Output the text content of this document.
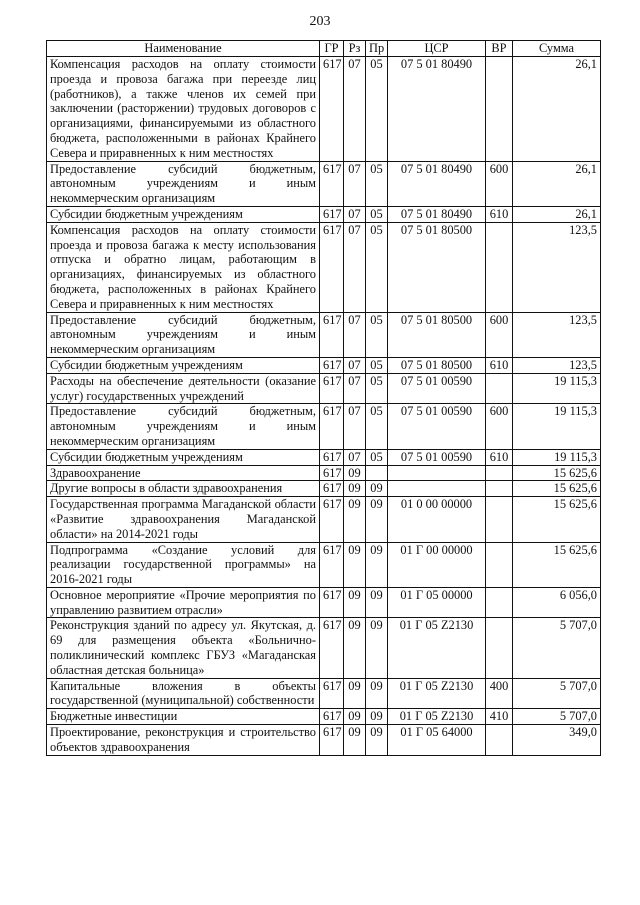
203
Наименование	ГР	Рз	Пр	ЦСР	ВР	Сумма
Компенсация расходов на оплату стоимости проезда и провоза багажа при переезде лиц (работников), а также членов их семей при заключении (расторжении) трудовых договоров с организациями, финансируемыми из областного бюджета, расположенными в районах Крайнего Севера и приравненных к ним местностях	617	07	05	07 5 01 80490		26,1
Предоставление субсидий бюджетным, автономным учреждениям и иным некоммерческим организациям	617	07	05	07 5 01 80490	600	26,1
Субсидии бюджетным учреждениям	617	07	05	07 5 01 80490	610	26,1
Компенсация расходов на оплату стоимости проезда и провоза багажа к месту использования отпуска и обратно лицам, работающим в организациях, финансируемых из областного бюджета, расположенных в районах Крайнего Севера и приравненных к ним местностях	617	07	05	07 5 01 80500		123,5
Предоставление субсидий бюджетным, автономным учреждениям и иным некоммерческим организациям	617	07	05	07 5 01 80500	600	123,5
Субсидии бюджетным учреждениям	617	07	05	07 5 01 80500	610	123,5
Расходы на обеспечение деятельности (оказание услуг) государственных учреждений	617	07	05	07 5 01 00590		19 115,3
Предоставление субсидий бюджетным, автономным учреждениям и иным некоммерческим организациям	617	07	05	07 5 01 00590	600	19 115,3
Субсидии бюджетным учреждениям	617	07	05	07 5 01 00590	610	19 115,3
Здравоохранение	617	09				15 625,6
Другие вопросы в области здравоохранения	617	09	09			15 625,6
Государственная программа Магаданской области «Развитие здравоохранения Магаданской области» на 2014-2021 годы	617	09	09	01 0 00 00000		15 625,6
Подпрограмма «Создание условий для реализации государственной программы» на 2016-2021 годы	617	09	09	01 Г 00 00000		15 625,6
Основное мероприятие «Прочие мероприятия по управлению развитием отрасли»	617	09	09	01 Г 05 00000		6 056,0
Реконструкция зданий по адресу ул. Якутская, д. 69 для размещения объекта «Больнично-поликлинический комплекс ГБУЗ «Магаданская областная детская больница»	617	09	09	01 Г 05 Z2130		5 707,0
Капитальные вложения в объекты государственной (муниципальной) собственности	617	09	09	01 Г 05 Z2130	400	5 707,0
Бюджетные инвестиции	617	09	09	01 Г 05 Z2130	410	5 707,0
Проектирование, реконструкция и строительство объектов здравоохранения	617	09	09	01 Г 05 64000		349,0
